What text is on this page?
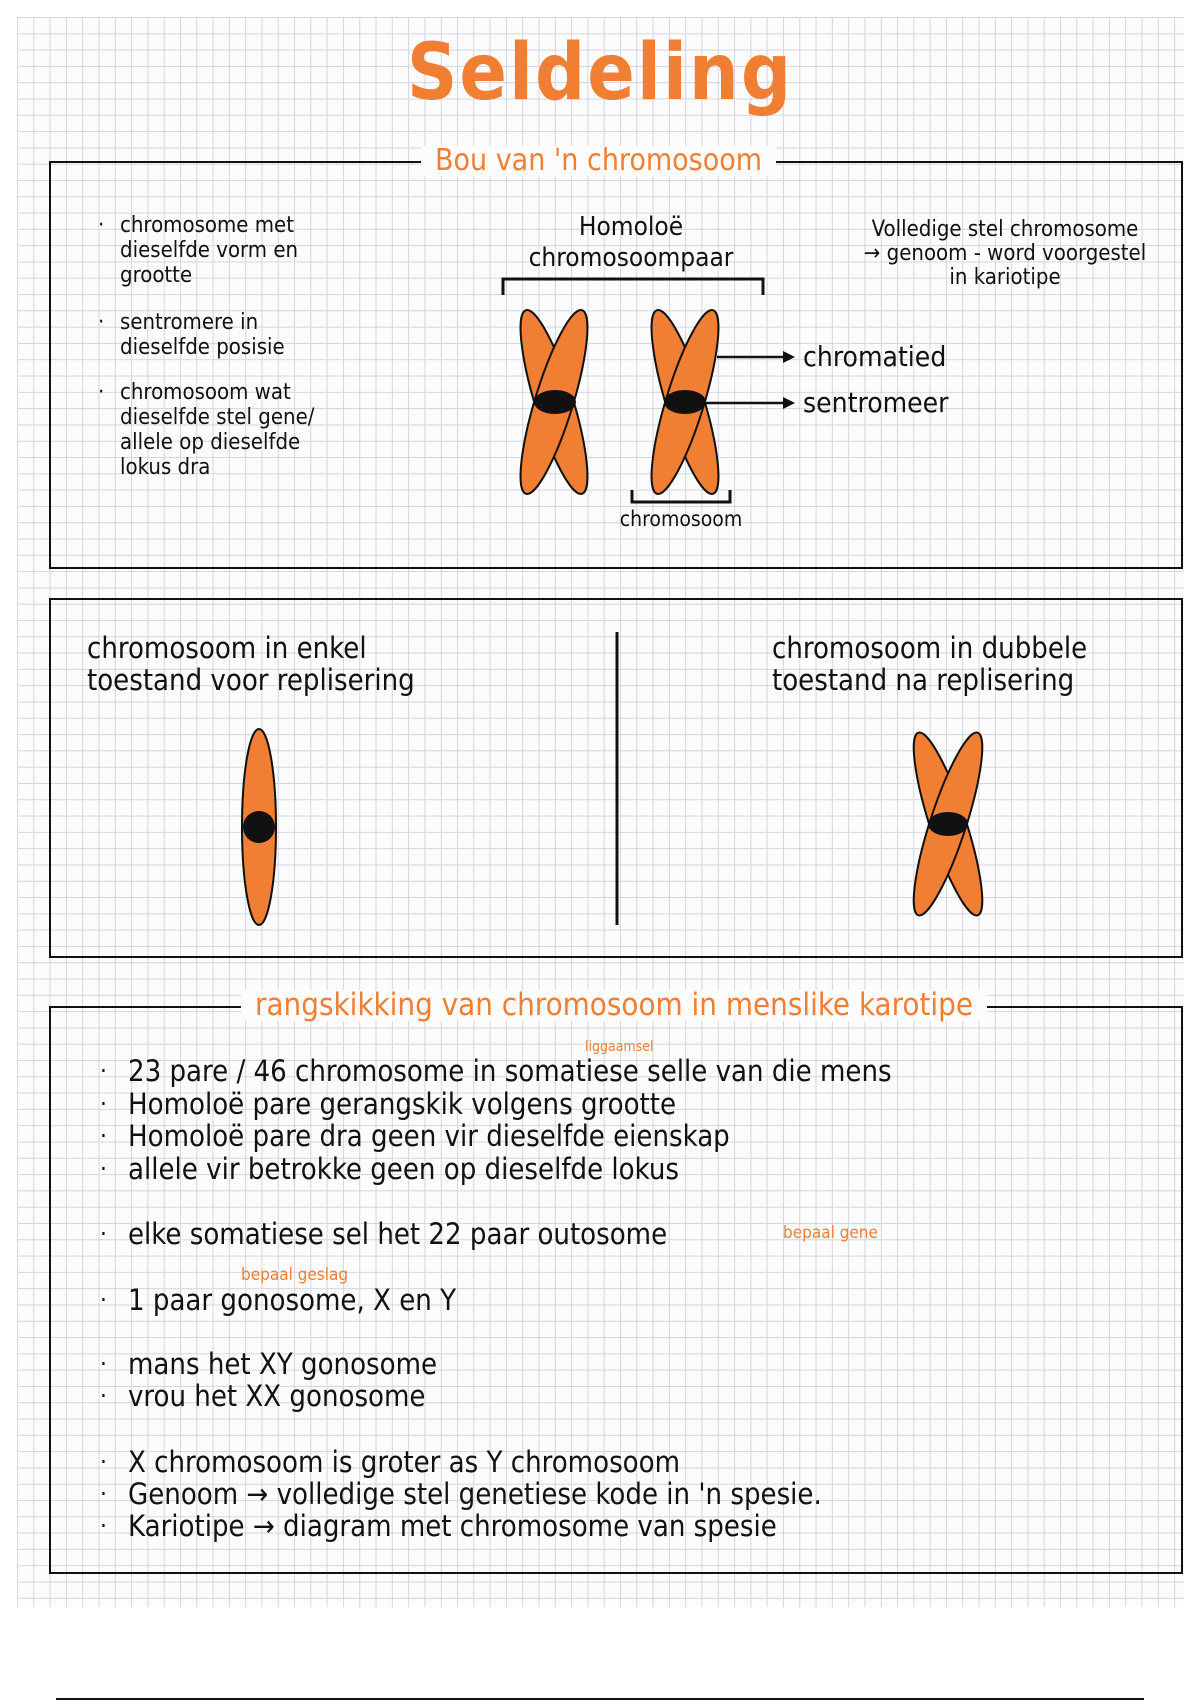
Seldeling
Bou van 'n chromosoom
· chromosome met
dieselfde vorm en
grootte
· sentromere in
dieselfde posisie
· chromosoom wat
dieselfde stel gene/
allele op dieselfde
lokus dra
Homoloë
chromosoompaar
Volledige stel chromosome
→ genoom - word voorgestel
in kariotipe
chromatied
sentromeer
chromosoom
chromosoom in enkel
toestand voor replisering
chromosoom in dubbele
toestand na replisering
rangskikking van chromosoom in menslike karotipe
liggaamsel
· 23 pare / 46 chromosome in somatiese selle van die mens
· Homoloë pare gerangskik volgens grootte
· Homoloë pare dra geen vir dieselfde eienskap
· allele vir betrokke geen op dieselfde lokus
· elke somatiese sel het 22 paar outosome	bepaal gene
bepaal geslag
· 1 paar gonosome, X en Y
· mans het XY gonosome
· vrou het XX gonosome
· X chromosoom is groter as Y chromosoom
· Genoom → volledige stel genetiese kode in 'n spesie.
· Kariotipe → diagram met chromosome van spesie
